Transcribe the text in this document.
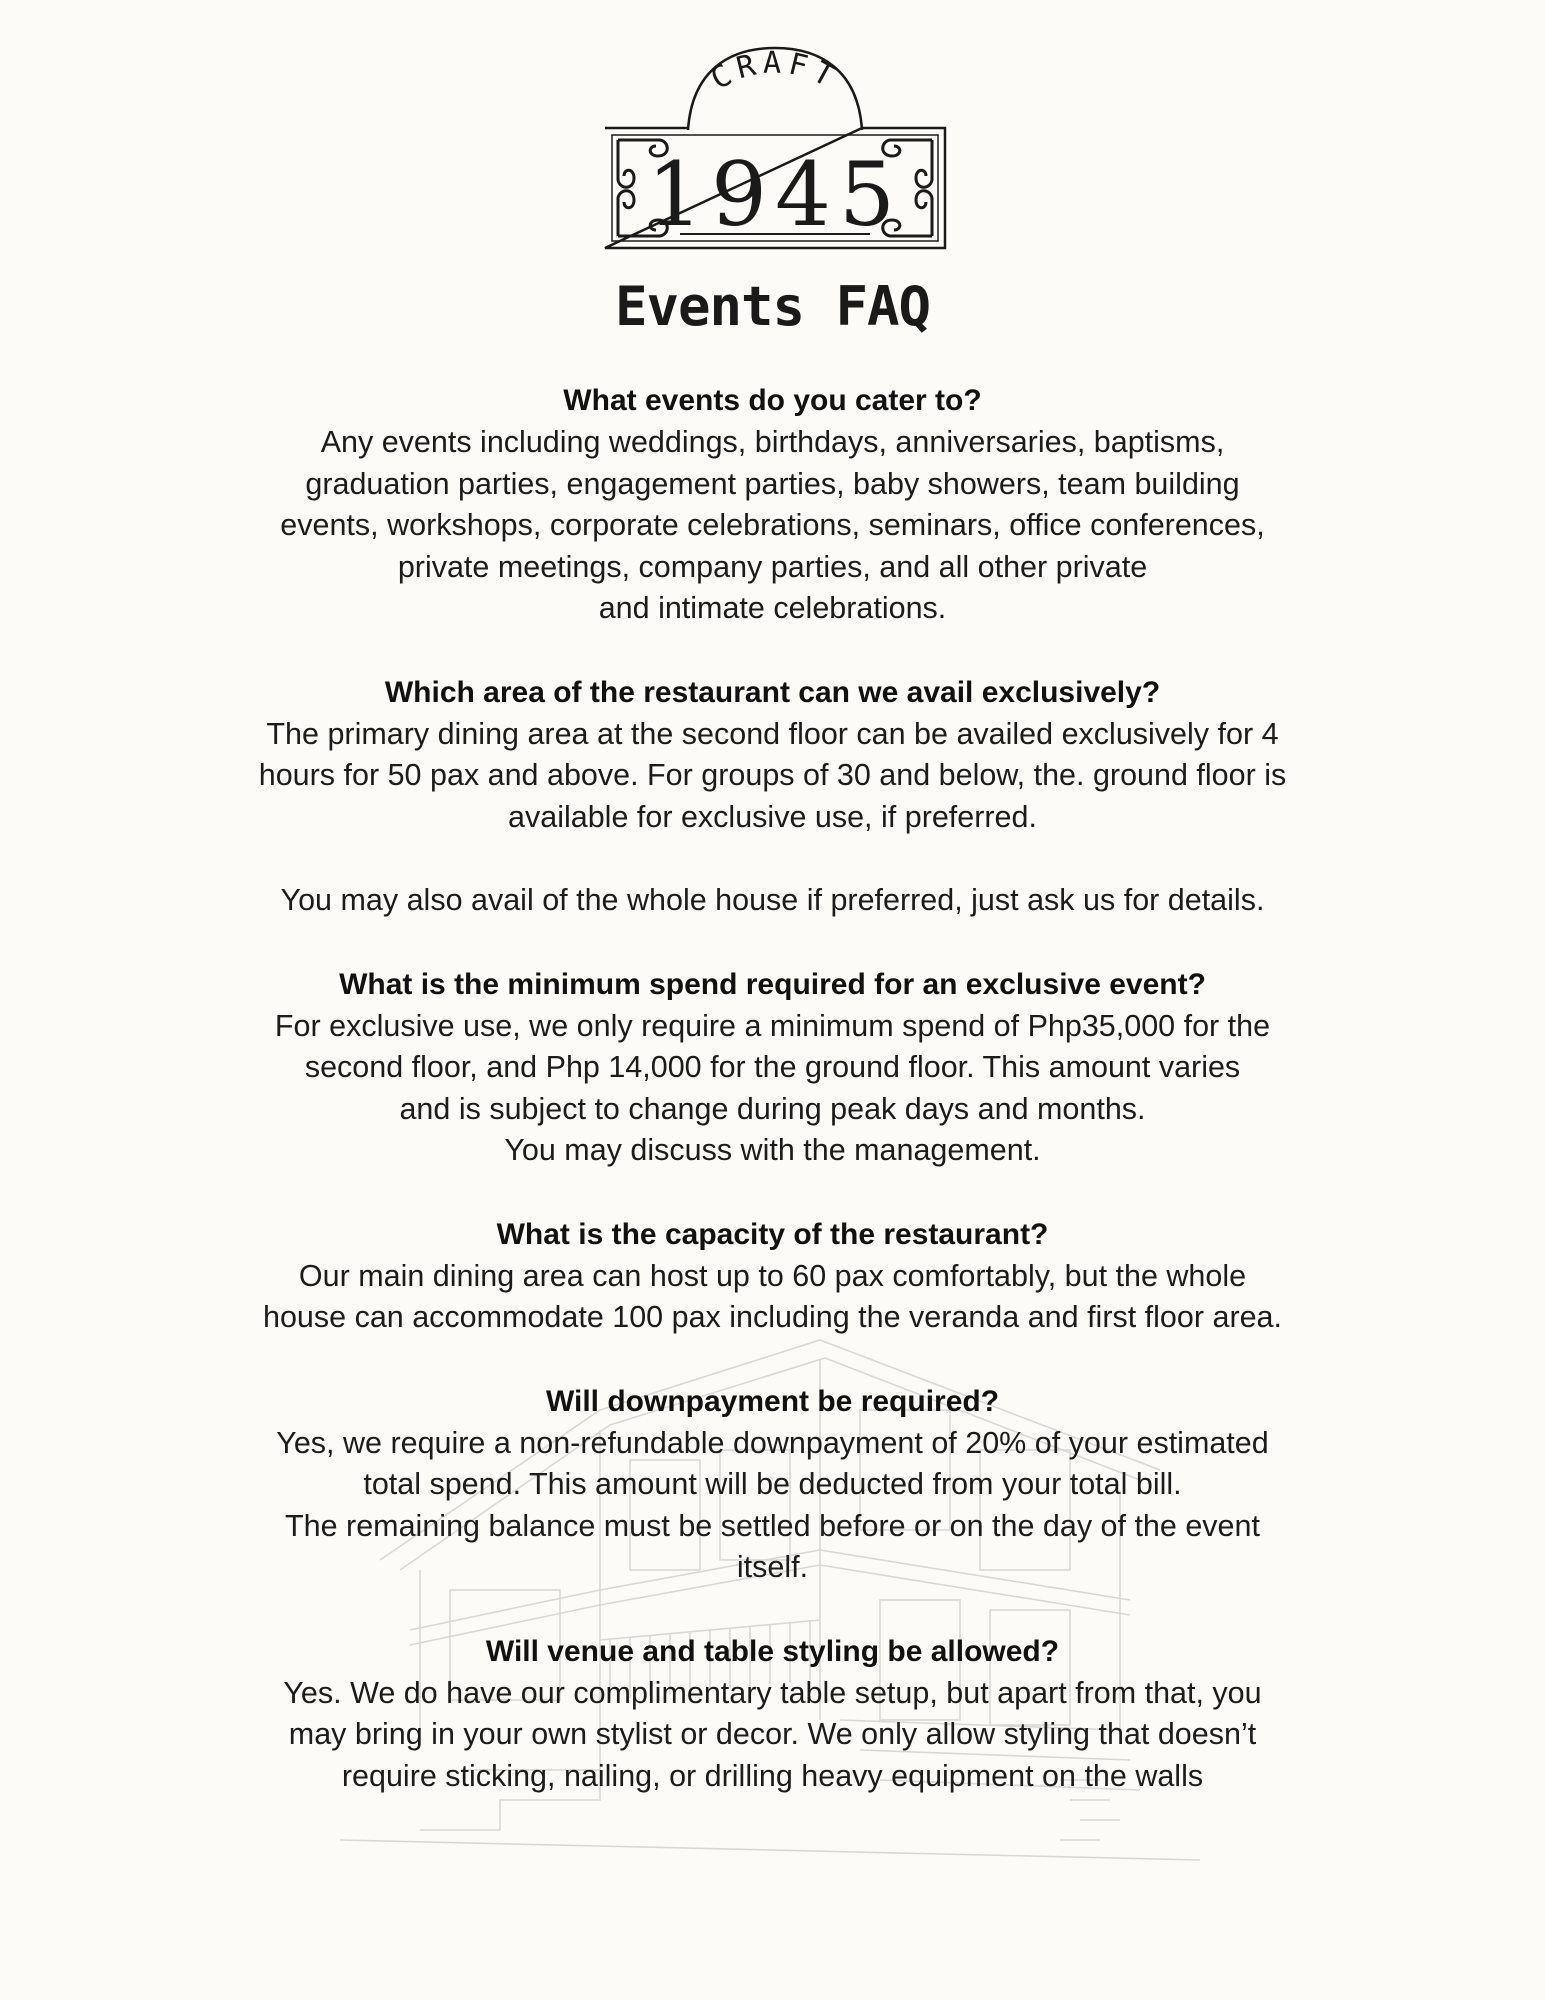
CRAFT
1945
Events FAQ

What events do you cater to?

Any events including weddings, birthdays, anniversaries, baptisms,
graduation parties, engagement parties, baby showers, team building
events, workshops, corporate celebrations, seminars, office conferences,
private meetings, company parties, and all other private
and intimate celebrations.

Which area of the restaurant can we avail exclusively?

The primary dining area at the second floor can be availed exclusively for 4
hours for 50 pax and above. For groups of 30 and below, the. ground floor is
available for exclusive use, if preferred.

You may also avail of the whole house if preferred, just ask us for details.

What is the minimum spend required for an exclusive event?

For exclusive use, we only require a minimum spend of Php35,000 for the
second floor, and Php 14,000 for the ground floor. This amount varies
and is subject to change during peak days and months.
You may discuss with the management.

What is the capacity of the restaurant?

Our main dining area can host up to 60 pax comfortably, but the whole
house can accommodate 100 pax including the veranda and first floor area.

Will downpayment be required?

Yes, we require a non-refundable downpayment of 20% of your estimated
total spend. This amount will be deducted from your total bill.
The remaining balance must be settled before or on the day of the event
itself.

Will venue and table styling be allowed?

Yes. We do have our complimentary table setup, but apart from that, you
may bring in your own stylist or decor. We only allow styling that doesn’t
require sticking, nailing, or drilling heavy equipment on the walls
